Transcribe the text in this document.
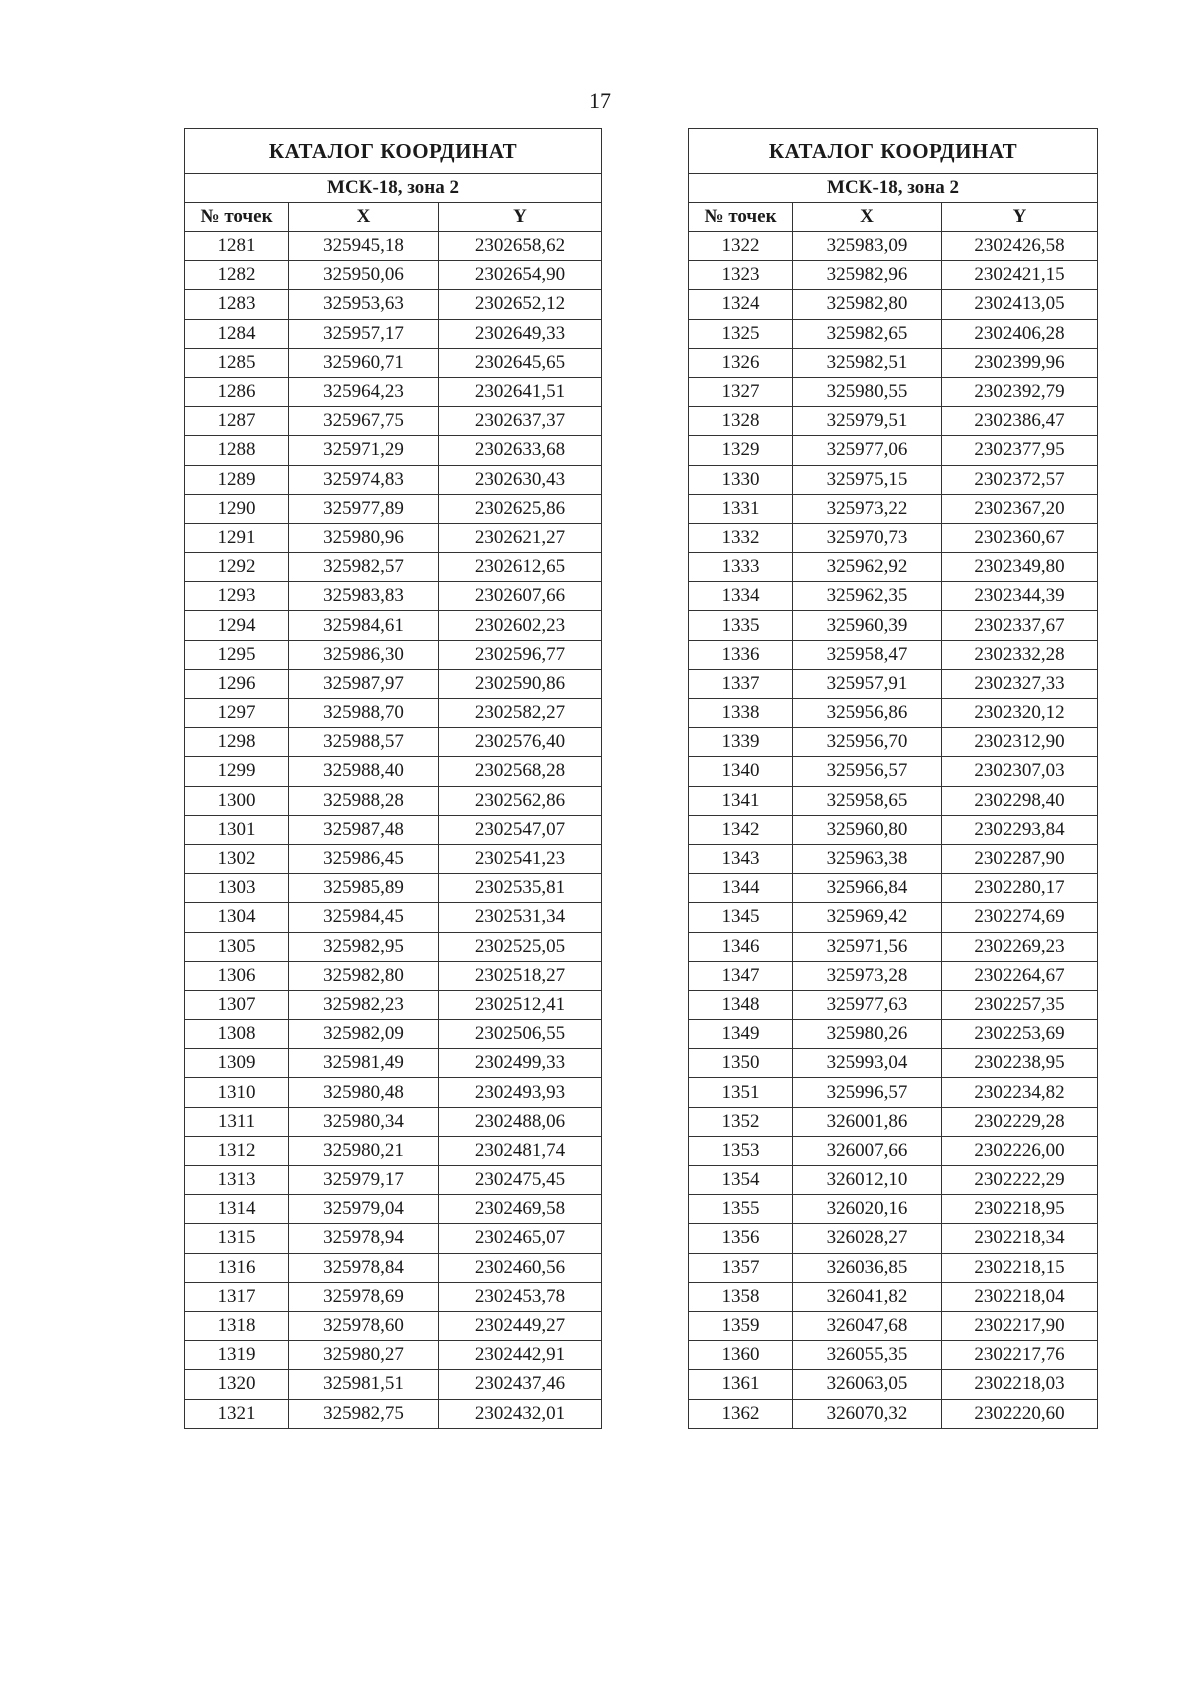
17
КАТАЛОГ КООРДИНАТ		
МСК-18, зона 2		
№ точек	X	Y
1281	325945,18	2302658,62
1282	325950,06	2302654,90
1283	325953,63	2302652,12
1284	325957,17	2302649,33
1285	325960,71	2302645,65
1286	325964,23	2302641,51
1287	325967,75	2302637,37
1288	325971,29	2302633,68
1289	325974,83	2302630,43
1290	325977,89	2302625,86
1291	325980,96	2302621,27
1292	325982,57	2302612,65
1293	325983,83	2302607,66
1294	325984,61	2302602,23
1295	325986,30	2302596,77
1296	325987,97	2302590,86
1297	325988,70	2302582,27
1298	325988,57	2302576,40
1299	325988,40	2302568,28
1300	325988,28	2302562,86
1301	325987,48	2302547,07
1302	325986,45	2302541,23
1303	325985,89	2302535,81
1304	325984,45	2302531,34
1305	325982,95	2302525,05
1306	325982,80	2302518,27
1307	325982,23	2302512,41
1308	325982,09	2302506,55
1309	325981,49	2302499,33
1310	325980,48	2302493,93
1311	325980,34	2302488,06
1312	325980,21	2302481,74
1313	325979,17	2302475,45
1314	325979,04	2302469,58
1315	325978,94	2302465,07
1316	325978,84	2302460,56
1317	325978,69	2302453,78
1318	325978,60	2302449,27
1319	325980,27	2302442,91
1320	325981,51	2302437,46
1321	325982,75	2302432,01
КАТАЛОГ КООРДИНАТ		
МСК-18, зона 2		
№ точек	X	Y
1322	325983,09	2302426,58
1323	325982,96	2302421,15
1324	325982,80	2302413,05
1325	325982,65	2302406,28
1326	325982,51	2302399,96
1327	325980,55	2302392,79
1328	325979,51	2302386,47
1329	325977,06	2302377,95
1330	325975,15	2302372,57
1331	325973,22	2302367,20
1332	325970,73	2302360,67
1333	325962,92	2302349,80
1334	325962,35	2302344,39
1335	325960,39	2302337,67
1336	325958,47	2302332,28
1337	325957,91	2302327,33
1338	325956,86	2302320,12
1339	325956,70	2302312,90
1340	325956,57	2302307,03
1341	325958,65	2302298,40
1342	325960,80	2302293,84
1343	325963,38	2302287,90
1344	325966,84	2302280,17
1345	325969,42	2302274,69
1346	325971,56	2302269,23
1347	325973,28	2302264,67
1348	325977,63	2302257,35
1349	325980,26	2302253,69
1350	325993,04	2302238,95
1351	325996,57	2302234,82
1352	326001,86	2302229,28
1353	326007,66	2302226,00
1354	326012,10	2302222,29
1355	326020,16	2302218,95
1356	326028,27	2302218,34
1357	326036,85	2302218,15
1358	326041,82	2302218,04
1359	326047,68	2302217,90
1360	326055,35	2302217,76
1361	326063,05	2302218,03
1362	326070,32	2302220,60
